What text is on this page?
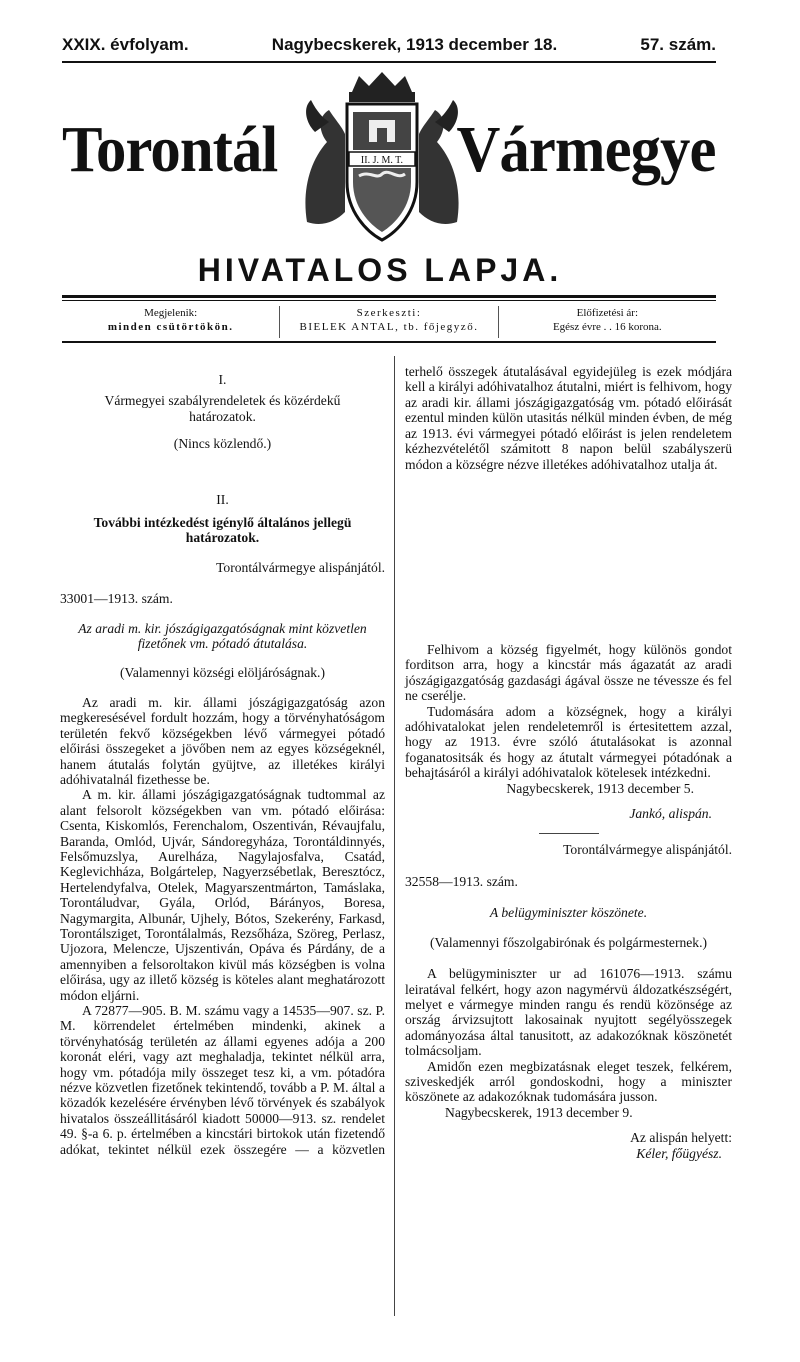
XXIX. évfolyam.	Nagybecskerek, 1913 december 18.	57. szám.
Torontál	II. J. M. T. Vármegye
HIVATALOS LAPJA.
Megjelenik:
minden csütörtökön.
Szerkeszti:
BIELEK ANTAL, tb. főjegyző.
Előfizetési ár:
Egész évre . . 16 korona.
I.
Vármegyei szabályrendeletek és közérdekű határozatok.
(Nincs közlendő.)
II.
További intézkedést igénylő általános jellegü határozatok.
Torontálvármegye alispánjától.
33001—1913. szám.
Az aradi m. kir. jószágigazgatóságnak mint közvetlen fizetőnek vm. pótadó átutalása.
(Valamennyi községi elöljáróságnak.)

Az aradi m. kir. állami jószágigazgatóság azon megkeresésével fordult hozzám, hogy a törvényhatóságom területén fekvő községekben lévő vármegyei pótadó előirási összegeket a jövőben nem az egyes községeknél, hanem átutalás folytán gyüjtve, az illetékes királyi adóhivatalnál fizethesse be.

A m. kir. állami jószágigazgatóságnak tudtommal az alant felsorolt községekben van vm. pótadó előirása: Csenta, Kiskomlós, Ferenchalom, Oszentiván, Révaujfalu, Baranda, Omlód, Ujvár, Sándoregyháza, Torontáldinnyés, Felsőmuzslya, Aurelháza, Nagylajosfalva, Csatád, Keglevichháza, Bolgártelep, Nagyerzsébetlak, Beresztócz, Hertelendyfalva, Otelek, Magyarszentmárton, Tamáslaka, Torontáludvar, Gyála, Orlód, Bárányos, Boresa, Nagymargita, Albunár, Ujhely, Bótos, Szekerény, Farkasd, Torontálsziget, Torontálalmás, Rezsőháza, Szöreg, Perlasz, Ujozora, Melencze, Ujszentiván, Opáva és Párdány, de a amennyiben a felsoroltakon kivül más községben is volna előirása, ugy az illető község is köteles alant meghatározott módon eljárni.

A 72877—905. B. M. számu vagy a 14535—907. sz. P. M. körrendelet értelmében mindenki, akinek a törvényhatóság területén az állami egyenes adója a 200 koronát eléri, vagy azt meghaladja, tekintet nélkül arra, hogy vm. pótadója mily összeget tesz ki, a vm. pótadóra nézve közvetlen fizetőnek tekintendő, tovább a P. M. által a közadók kezelésére érvényben lévő törvények és szabályok hivatalos összeállitásáról kiadott 50000—913. sz. rendelet 49. §-a 6. p. értelmében a kincstári birtokok után fizetendő adókat, tekintet nélkül ezek összegére — a közvetlen

terhelő összegek átutalásával egyidejüleg is ezek módjára kell a királyi adóhivatalhoz átutalni, miért is felhivom, hogy az aradi kir. állami jószágigazgatóság vm. pótadó előirását ezentul minden külön utasitás nélkül minden évben, de még az 1913. évi vármegyei pótadó előirást is jelen rendeletem kézhezvételétől számitott 8 napon belül szabályszerü módon a községre nézve illetékes adóhivatalhoz utalja át.

Felhivom a község figyelmét, hogy különös gondot forditson arra, hogy a kincstár más ágazatát az aradi jószágigazgatóság gazdasági ágával össze ne tévessze és fel ne cserélje.

Tudomására adom a községnek, hogy a királyi adóhivatalokat jelen rendeletemről is értesitettem azzal, hogy az 1913. évre szóló átutalásokat is azonnal foganatositsák és hogy az átutalt vármegyei pótadónak a behajtásáról a királyi adóhivatalok kötelesek intézkedni.

Nagybecskerek, 1913 december 5.
Jankó, alispán.
Torontálvármegye alispánjától.
32558—1913. szám.
A belügyminiszter köszönete.
(Valamennyi főszolgabirónak és polgármesternek.)

A belügyminiszter ur ad 161076—1913. számu leiratával felkért, hogy azon nagymérvü áldozatkészségért, melyet e vármegye minden rangu és rendü közönsége az ország árvizsujtott lakosainak nyujtott segélyösszegek adományozása által tanusitott, az adakozóknak köszönetét tolmácsoljam.

Amidőn ezen megbizatásnak eleget teszek, felkérem, sziveskedjék arról gondoskodni, hogy a miniszter köszönete az adakozóknak tudomására jusson.

Nagybecskerek, 1913 december 9.
Az alispán helyett:
Kéler, főügyész.
